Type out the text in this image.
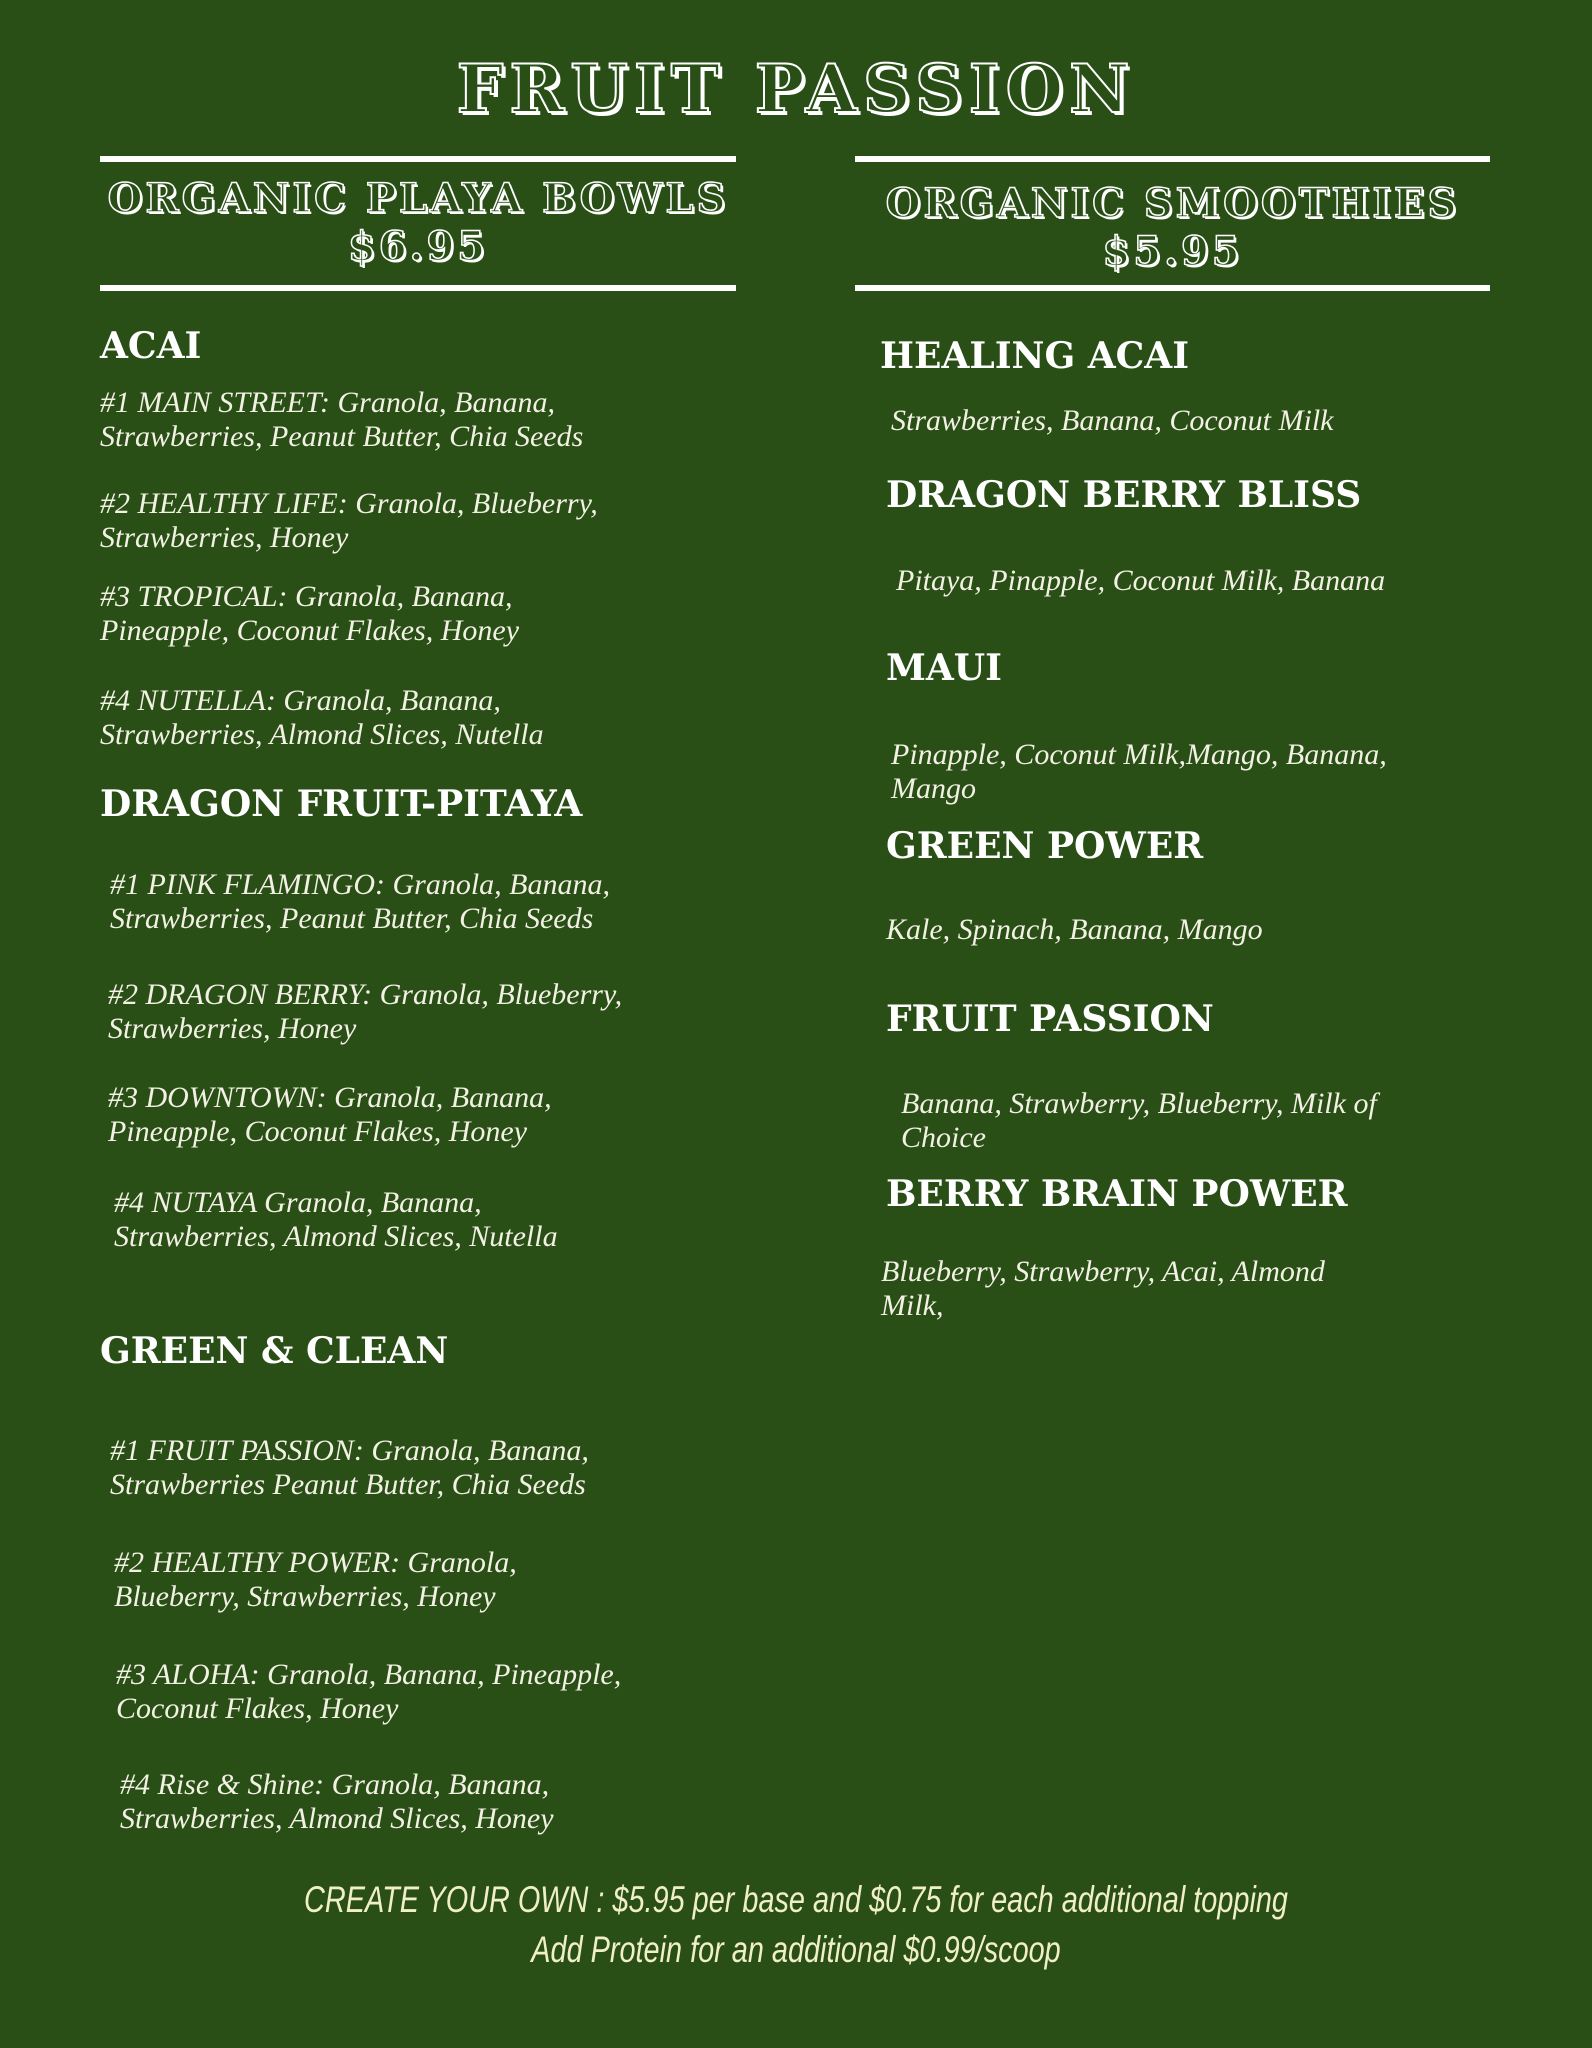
FRUIT PASSION
ORGANIC PLAYA BOWLS $6.95
ACAI

#1 MAIN STREET: Granola, Banana, Strawberries, Peanut Butter, Chia Seeds

#2 HEALTHY LIFE: Granola, Blueberry, Strawberries, Honey

#3 TROPICAL: Granola, Banana, Pineapple, Coconut Flakes, Honey

#4 NUTELLA: Granola, Banana, Strawberries, Almond Slices, Nutella

DRAGON FRUIT-PITAYA

#1 PINK FLAMINGO: Granola, Banana, Strawberries, Peanut Butter, Chia Seeds

#2 DRAGON BERRY: Granola, Blueberry, Strawberries, Honey

#3 DOWNTOWN: Granola, Banana, Pineapple, Coconut Flakes, Honey

#4 NUTAYA Granola, Banana, Strawberries, Almond Slices, Nutella

GREEN & CLEAN

#1 FRUIT PASSION: Granola, Banana, Strawberries Peanut Butter, Chia Seeds

#2 HEALTHY POWER: Granola, Blueberry, Strawberries, Honey

#3 ALOHA: Granola, Banana, Pineapple, Coconut Flakes, Honey

#4 Rise & Shine: Granola, Banana, Strawberries, Almond Slices, Honey

ORGANIC SMOOTHIES $5.95
HEALING ACAI

Strawberries, Banana, Coconut Milk

DRAGON BERRY BLISS

Pitaya, Pinapple, Coconut Milk, Banana

MAUI

Pinapple, Coconut Milk,Mango, Banana, Mango

GREEN POWER

Kale, Spinach, Banana, Mango

FRUIT PASSION

Banana, Strawberry, Blueberry, Milk of Choice

BERRY BRAIN POWER

Blueberry, Strawberry, Acai, Almond Milk,

CREATE YOUR OWN : $5.95 per base and $0.75 for each additional topping
Add Protein for an additional $0.99/scoop
